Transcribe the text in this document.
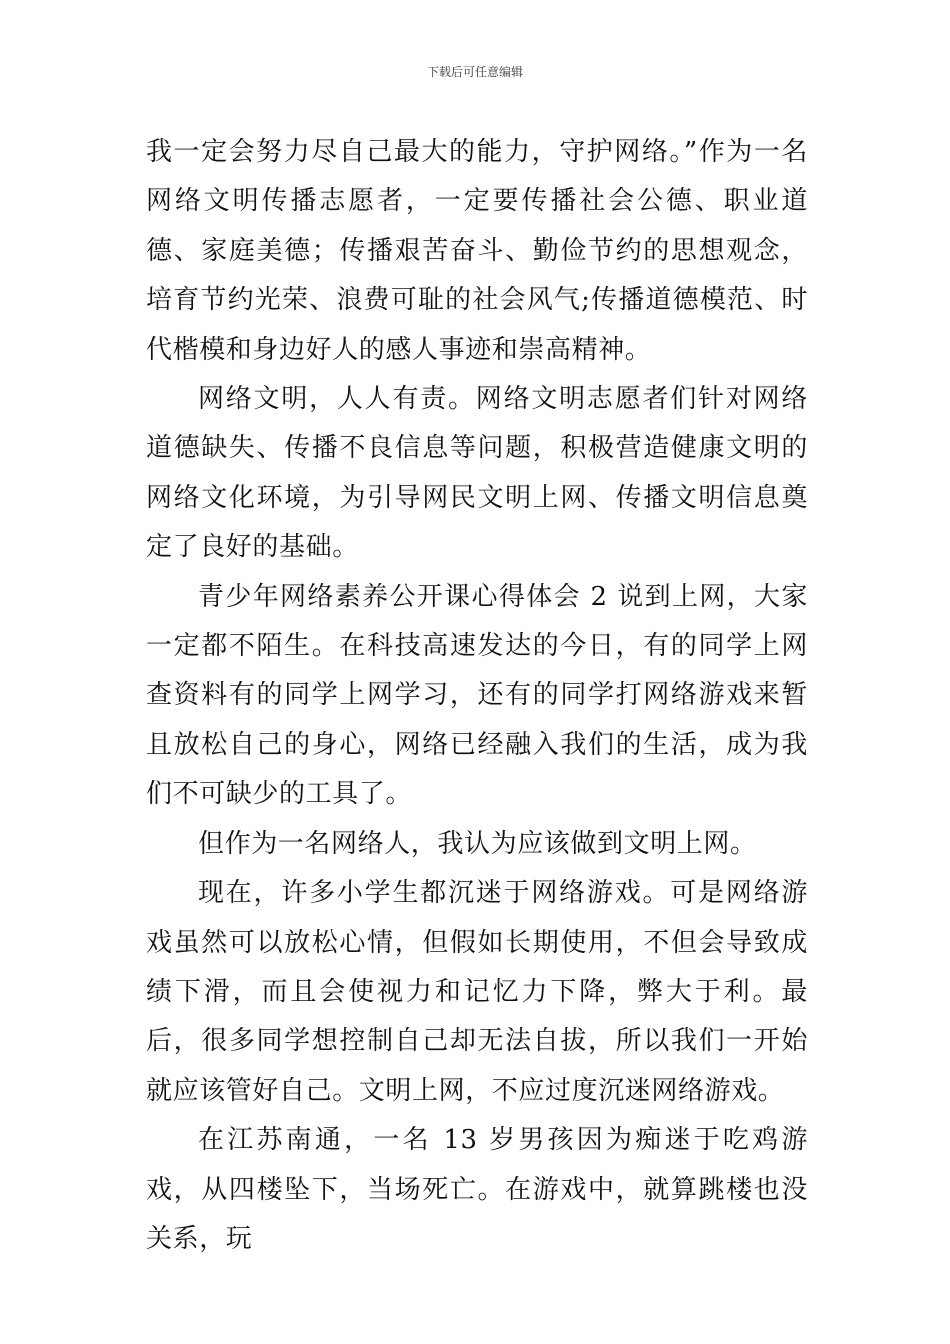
下载后可任意编辑

我一定会努力尽自己最大的能力，守护网络。”作为一名网络文明传播志愿者，一定要传播社会公德、职业道德、家庭美德；传播艰苦奋斗、勤俭节约的思想观念，培育节约光荣、浪费可耻的社会风气;传播道德模范、时代楷模和身边好人的感人事迹和崇高精神。

网络文明，人人有责。网络文明志愿者们针对网络道德缺失、传播不良信息等问题，积极营造健康文明的网络文化环境，为引导网民文明上网、传播文明信息奠定了良好的基础。

青少年网络素养公开课心得体会 2 说到上网，大家一定都不陌生。在科技高速发达的今日，有的同学上网查资料有的同学上网学习，还有的同学打网络游戏来暂且放松自己的身心，网络已经融入我们的生活，成为我们不可缺少的工具了。

但作为一名网络人，我认为应该做到文明上网。

现在，许多小学生都沉迷于网络游戏。可是网络游戏虽然可以放松心情，但假如长期使用，不但会导致成绩下滑，而且会使视力和记忆力下降，弊大于利。最后，很多同学想控制自己却无法自拔，所以我们一开始就应该管好自己。文明上网，不应过度沉迷网络游戏。

在江苏南通，一名 13 岁男孩因为痴迷于吃鸡游戏，从四楼坠下，当场死亡。在游戏中，就算跳楼也没关系，玩
